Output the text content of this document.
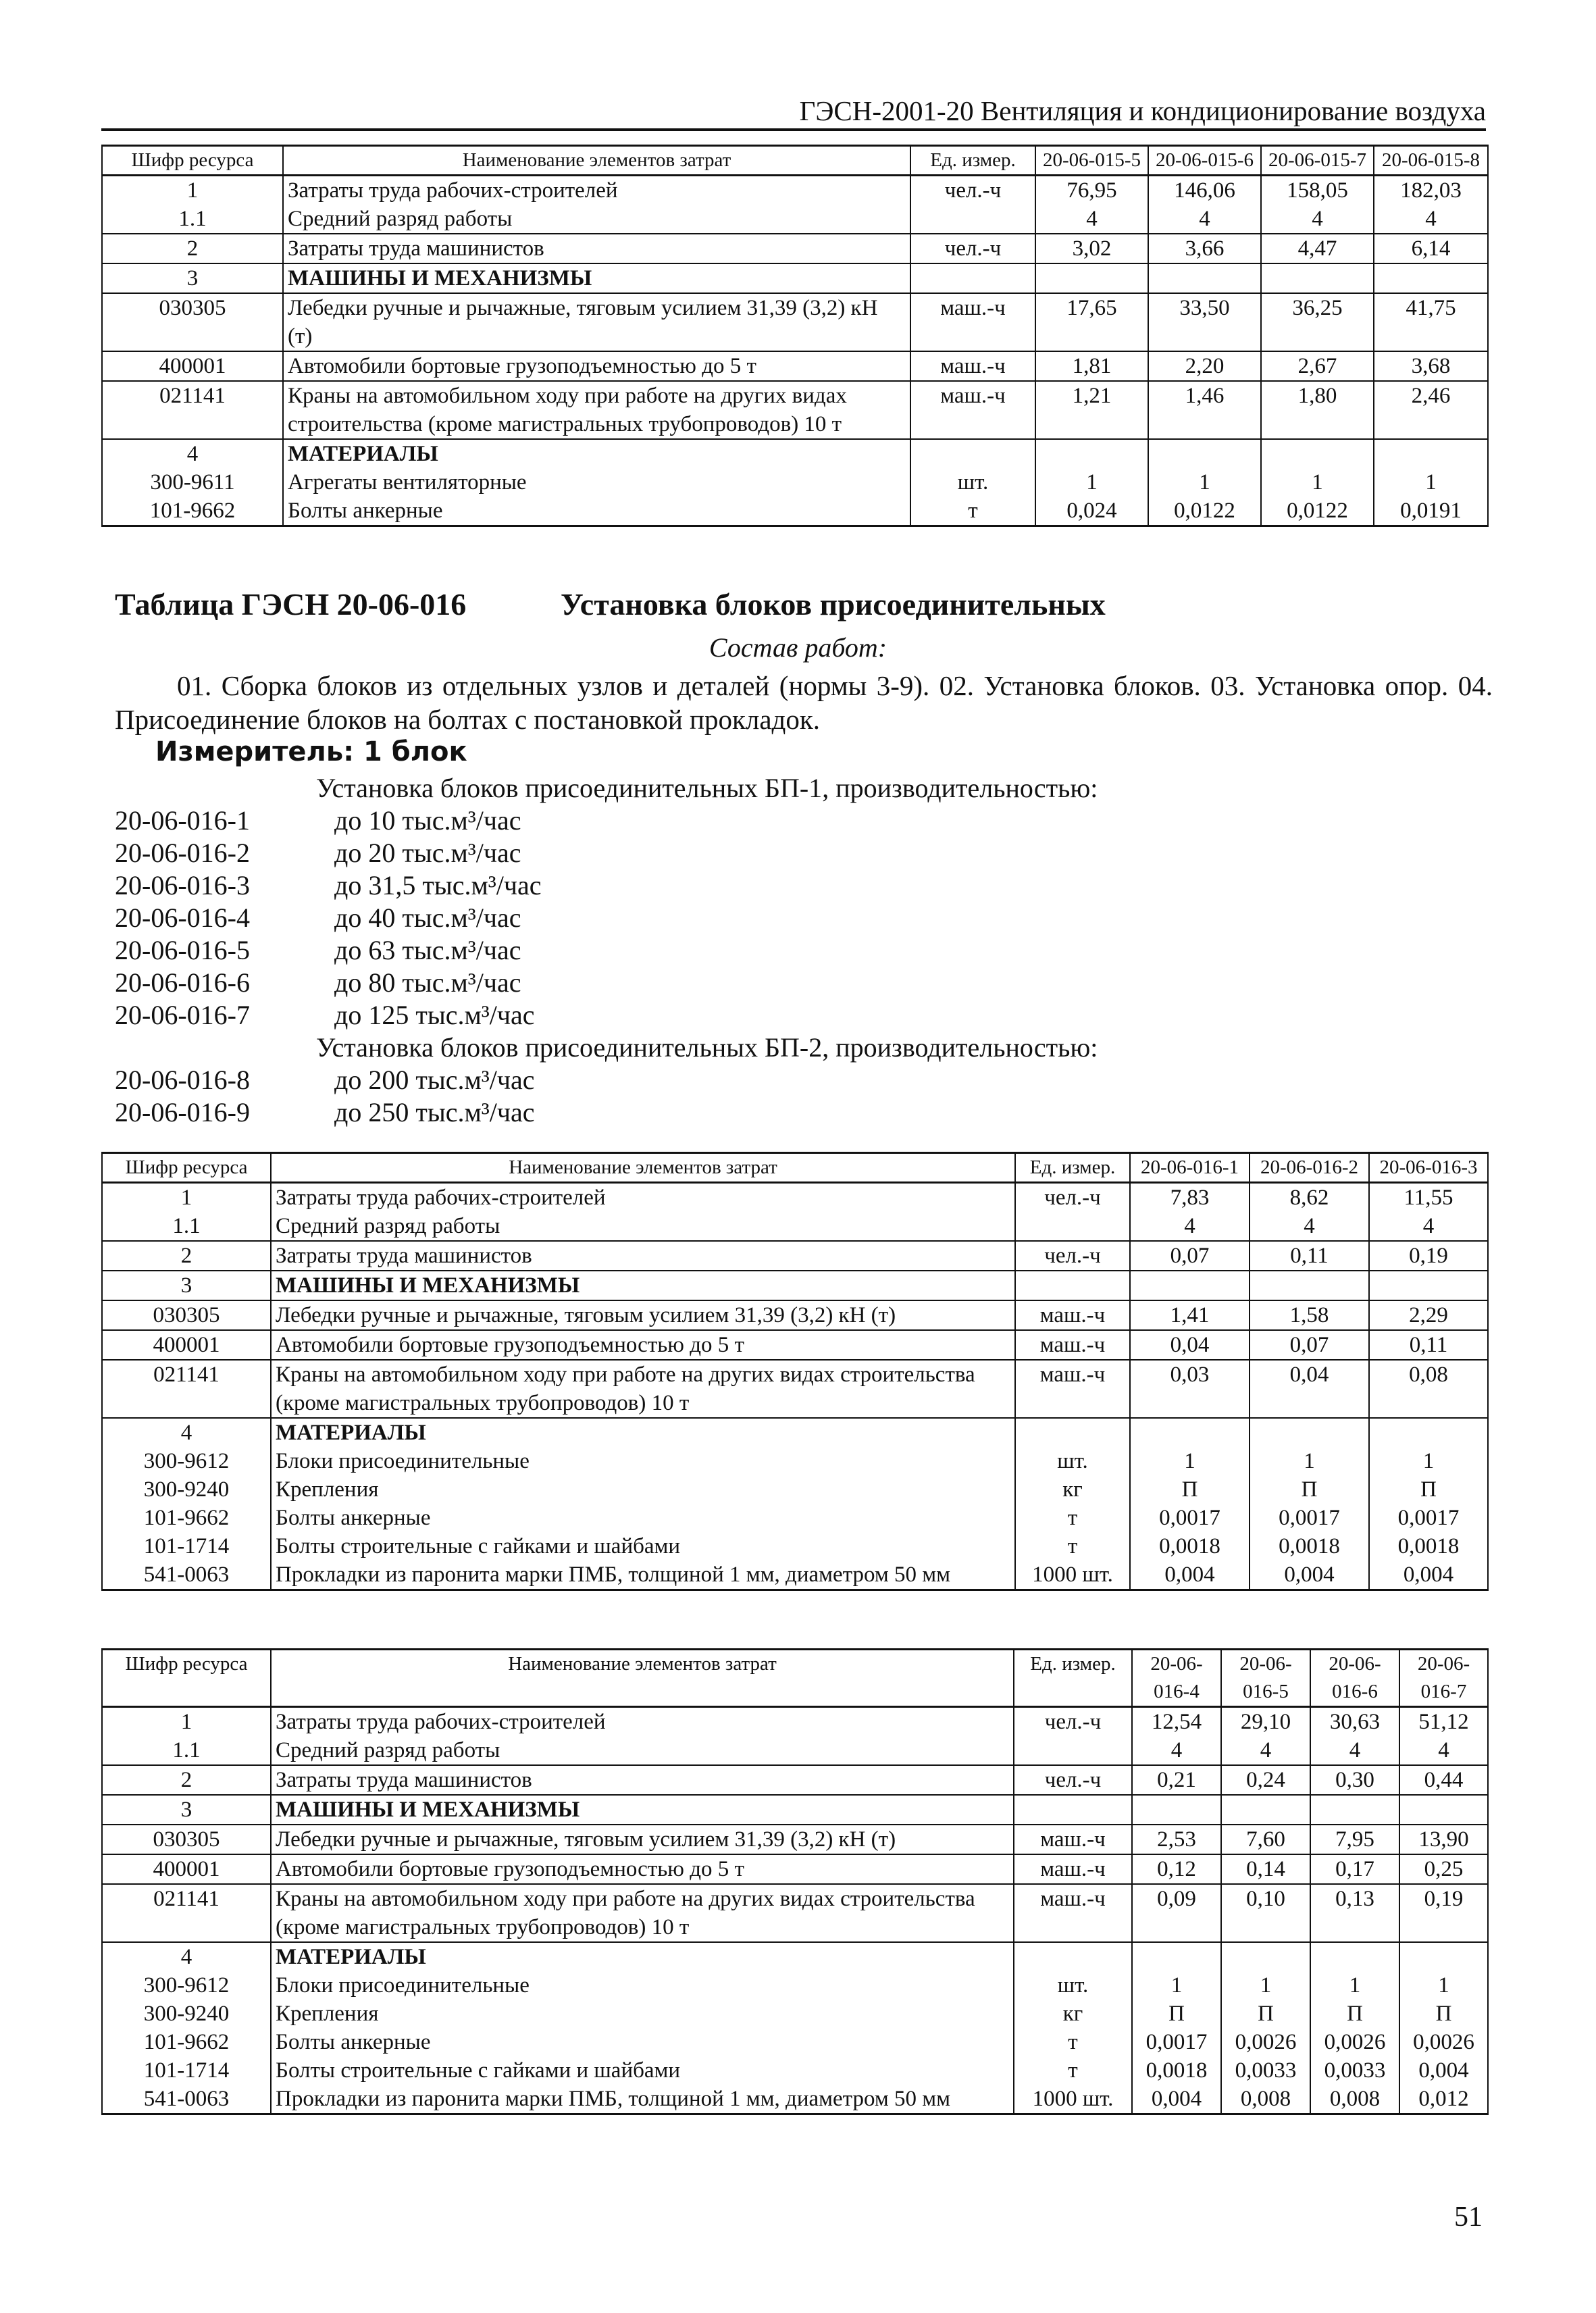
ГЭСН-2001-20 Вентиляция и кондиционирование воздуха
Шифр ресурса	Наименование элементов затрат	Ед. измер.	20-06-015-5	20-06-015-6	20-06-015-7	20-06-015-8
1	Затраты труда рабочих-строителей	чел.-ч	76,95	146,06	158,05	182,03
1.1	Средний разряд работы		4	4	4	4
2	Затраты труда машинистов	чел.-ч	3,02	3,66	4,47	6,14
3	МАШИНЫ И МЕХАНИЗМЫ					
030305	Лебедки ручные и рычажные, тяговым усилием 31,39 (3,2) кН (т)	маш.-ч	17,65	33,50	36,25	41,75
400001	Автомобили бортовые грузоподъемностью до 5 т	маш.-ч	1,81	2,20	2,67	3,68
021141	Краны на автомобильном ходу при работе на других видах строительства (кроме магистральных трубопроводов) 10 т	маш.-ч	1,21	1,46	1,80	2,46
4	МАТЕРИАЛЫ					
300-9611	Агрегаты вентиляторные	шт.	1	1	1	1
101-9662	Болты анкерные	т	0,024	0,0122	0,0122	0,0191
Таблица ГЭСН 20-06-016	Установка блоков присоединительных
Состав работ:
01. Сборка блоков из отдельных узлов и деталей (нормы 3-9). 02. Установка блоков. 03. Установка опор. 04. Присоединение блоков на болтах с постановкой прокладок.
Измеритель: 1 блок
Установка блоков присоединительных БП-1, производительностью:
20-06-016-1	до 10 тыс.м³/час
20-06-016-2	до 20 тыс.м³/час
20-06-016-3	до 31,5 тыс.м³/час
20-06-016-4	до 40 тыс.м³/час
20-06-016-5	до 63 тыс.м³/час
20-06-016-6	до 80 тыс.м³/час
20-06-016-7	до 125 тыс.м³/час
Установка блоков присоединительных БП-2, производительностью:
20-06-016-8	до 200 тыс.м³/час
20-06-016-9	до 250 тыс.м³/час
Шифр ресурса	Наименование элементов затрат	Ед. измер.	20-06-016-1	20-06-016-2	20-06-016-3
1	Затраты труда рабочих-строителей	чел.-ч	7,83	8,62	11,55
1.1	Средний разряд работы		4	4	4
2	Затраты труда машинистов	чел.-ч	0,07	0,11	0,19
3	МАШИНЫ И МЕХАНИЗМЫ				
030305	Лебедки ручные и рычажные, тяговым усилием 31,39 (3,2) кН (т)	маш.-ч	1,41	1,58	2,29
400001	Автомобили бортовые грузоподъемностью до 5 т	маш.-ч	0,04	0,07	0,11
021141	Краны на автомобильном ходу при работе на других видах строительства (кроме магистральных трубопроводов) 10 т	маш.-ч	0,03	0,04	0,08
4	МАТЕРИАЛЫ				
300-9612	Блоки присоединительные	шт.	1	1	1
300-9240	Крепления	кг	П	П	П
101-9662	Болты анкерные	т	0,0017	0,0017	0,0017
101-1714	Болты строительные с гайками и шайбами	т	0,0018	0,0018	0,0018
541-0063	Прокладки из паронита марки ПМБ, толщиной 1 мм, диаметром 50 мм	1000 шт.	0,004	0,004	0,004
Шифр ресурса	Наименование элементов затрат	Ед. измер.	20-06-016-4	20-06-016-5	20-06-016-6	20-06-016-7
1	Затраты труда рабочих-строителей	чел.-ч	12,54	29,10	30,63	51,12
1.1	Средний разряд работы		4	4	4	4
2	Затраты труда машинистов	чел.-ч	0,21	0,24	0,30	0,44
3	МАШИНЫ И МЕХАНИЗМЫ					
030305	Лебедки ручные и рычажные, тяговым усилием 31,39 (3,2) кН (т)	маш.-ч	2,53	7,60	7,95	13,90
400001	Автомобили бортовые грузоподъемностью до 5 т	маш.-ч	0,12	0,14	0,17	0,25
021141	Краны на автомобильном ходу при работе на других видах строительства (кроме магистральных трубопроводов) 10 т	маш.-ч	0,09	0,10	0,13	0,19
4	МАТЕРИАЛЫ					
300-9612	Блоки присоединительные	шт.	1	1	1	1
300-9240	Крепления	кг	П	П	П	П
101-9662	Болты анкерные	т	0,0017	0,0026	0,0026	0,0026
101-1714	Болты строительные с гайками и шайбами	т	0,0018	0,0033	0,0033	0,004
541-0063	Прокладки из паронита марки ПМБ, толщиной 1 мм, диаметром 50 мм	1000 шт.	0,004	0,008	0,008	0,012
51
